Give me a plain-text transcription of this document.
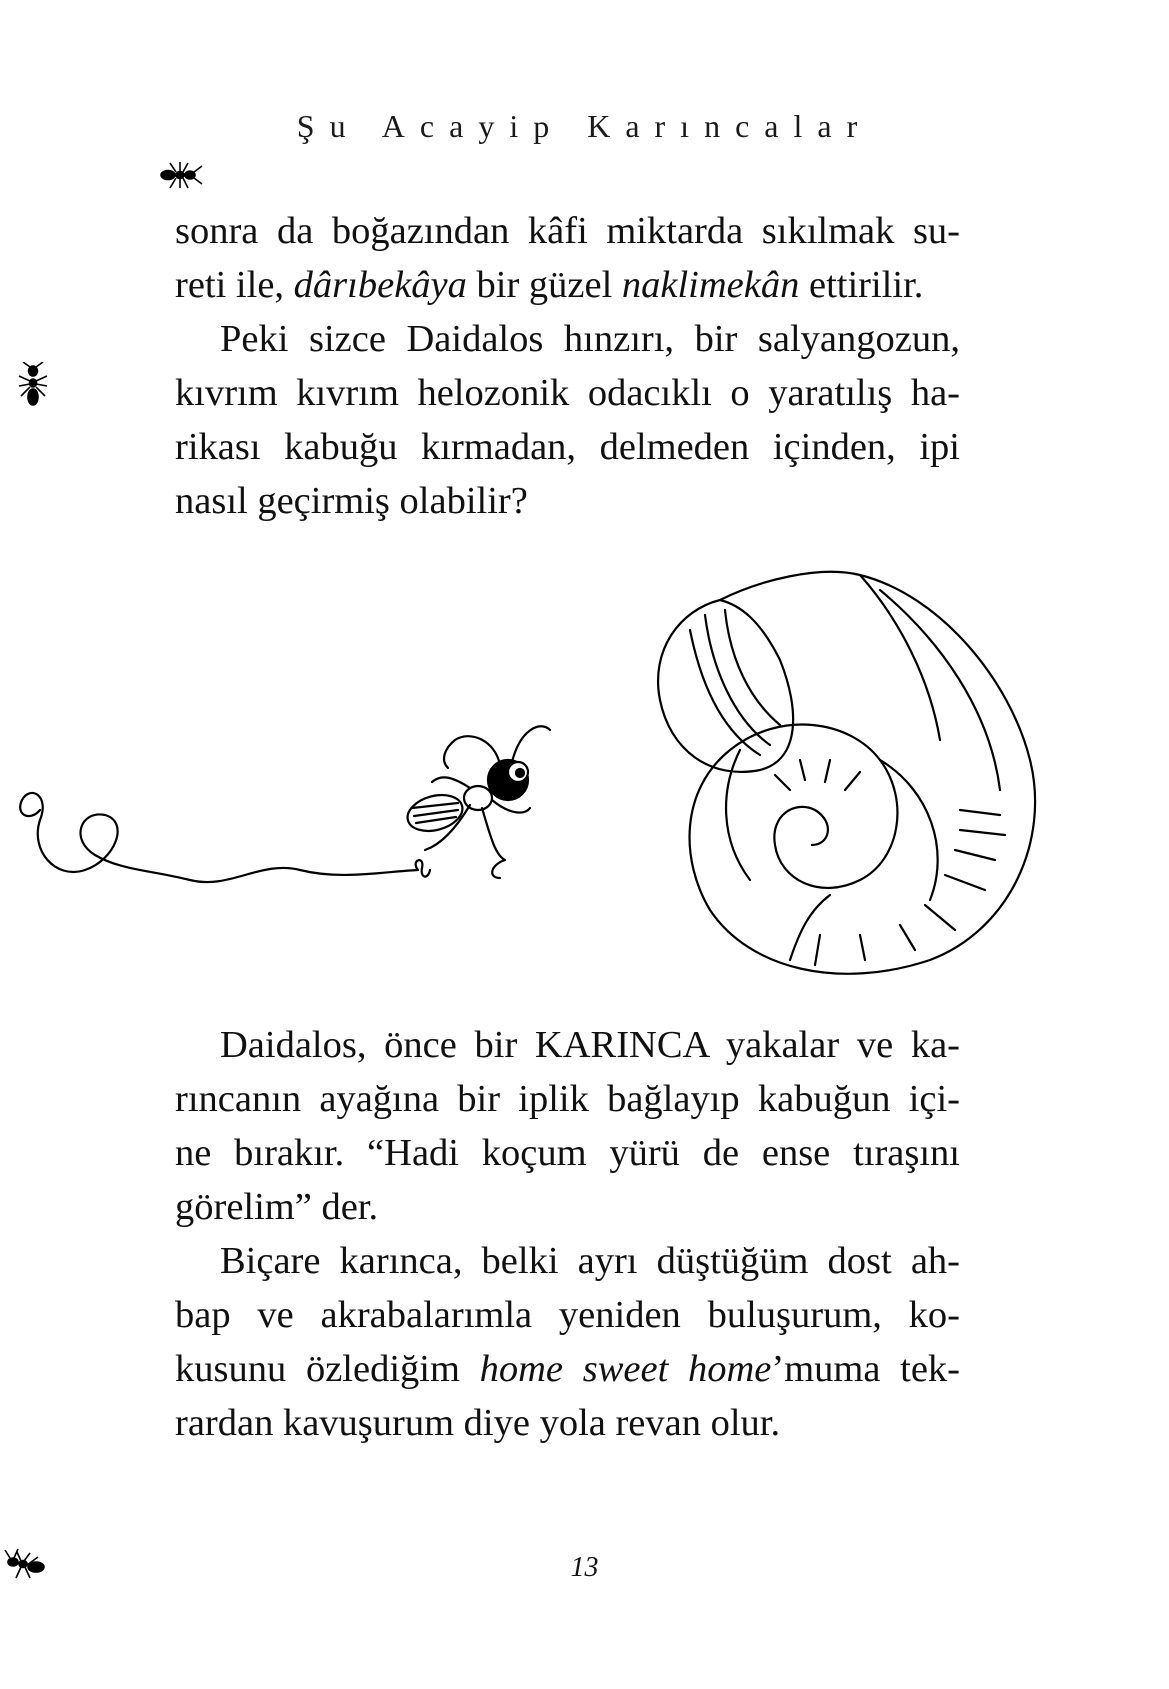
Şu Acayip Karıncalar
sonra da boğazından kâfi miktarda sıkılmak su-
reti ile, dârıbekâya bir güzel naklimekân ettirilir.
Peki sizce Daidalos hınzırı, bir salyangozun,
kıvrım kıvrım helozonik odacıklı o yaratılış ha-
rikası kabuğu kırmadan, delmeden içinden, ipi
nasıl geçirmiş olabilir?
Daidalos, önce bir KARINCA yakalar ve ka-
rıncanın ayağına bir iplik bağlayıp kabuğun içi-
ne bırakır. “Hadi koçum yürü de ense tıraşını
görelim” der.
Biçare karınca, belki ayrı düştüğüm dost ah-
bap ve akrabalarımla yeniden buluşurum, ko-
kusunu özlediğim home sweet home’muma tek-
rardan kavuşurum diye yola revan olur.
13
